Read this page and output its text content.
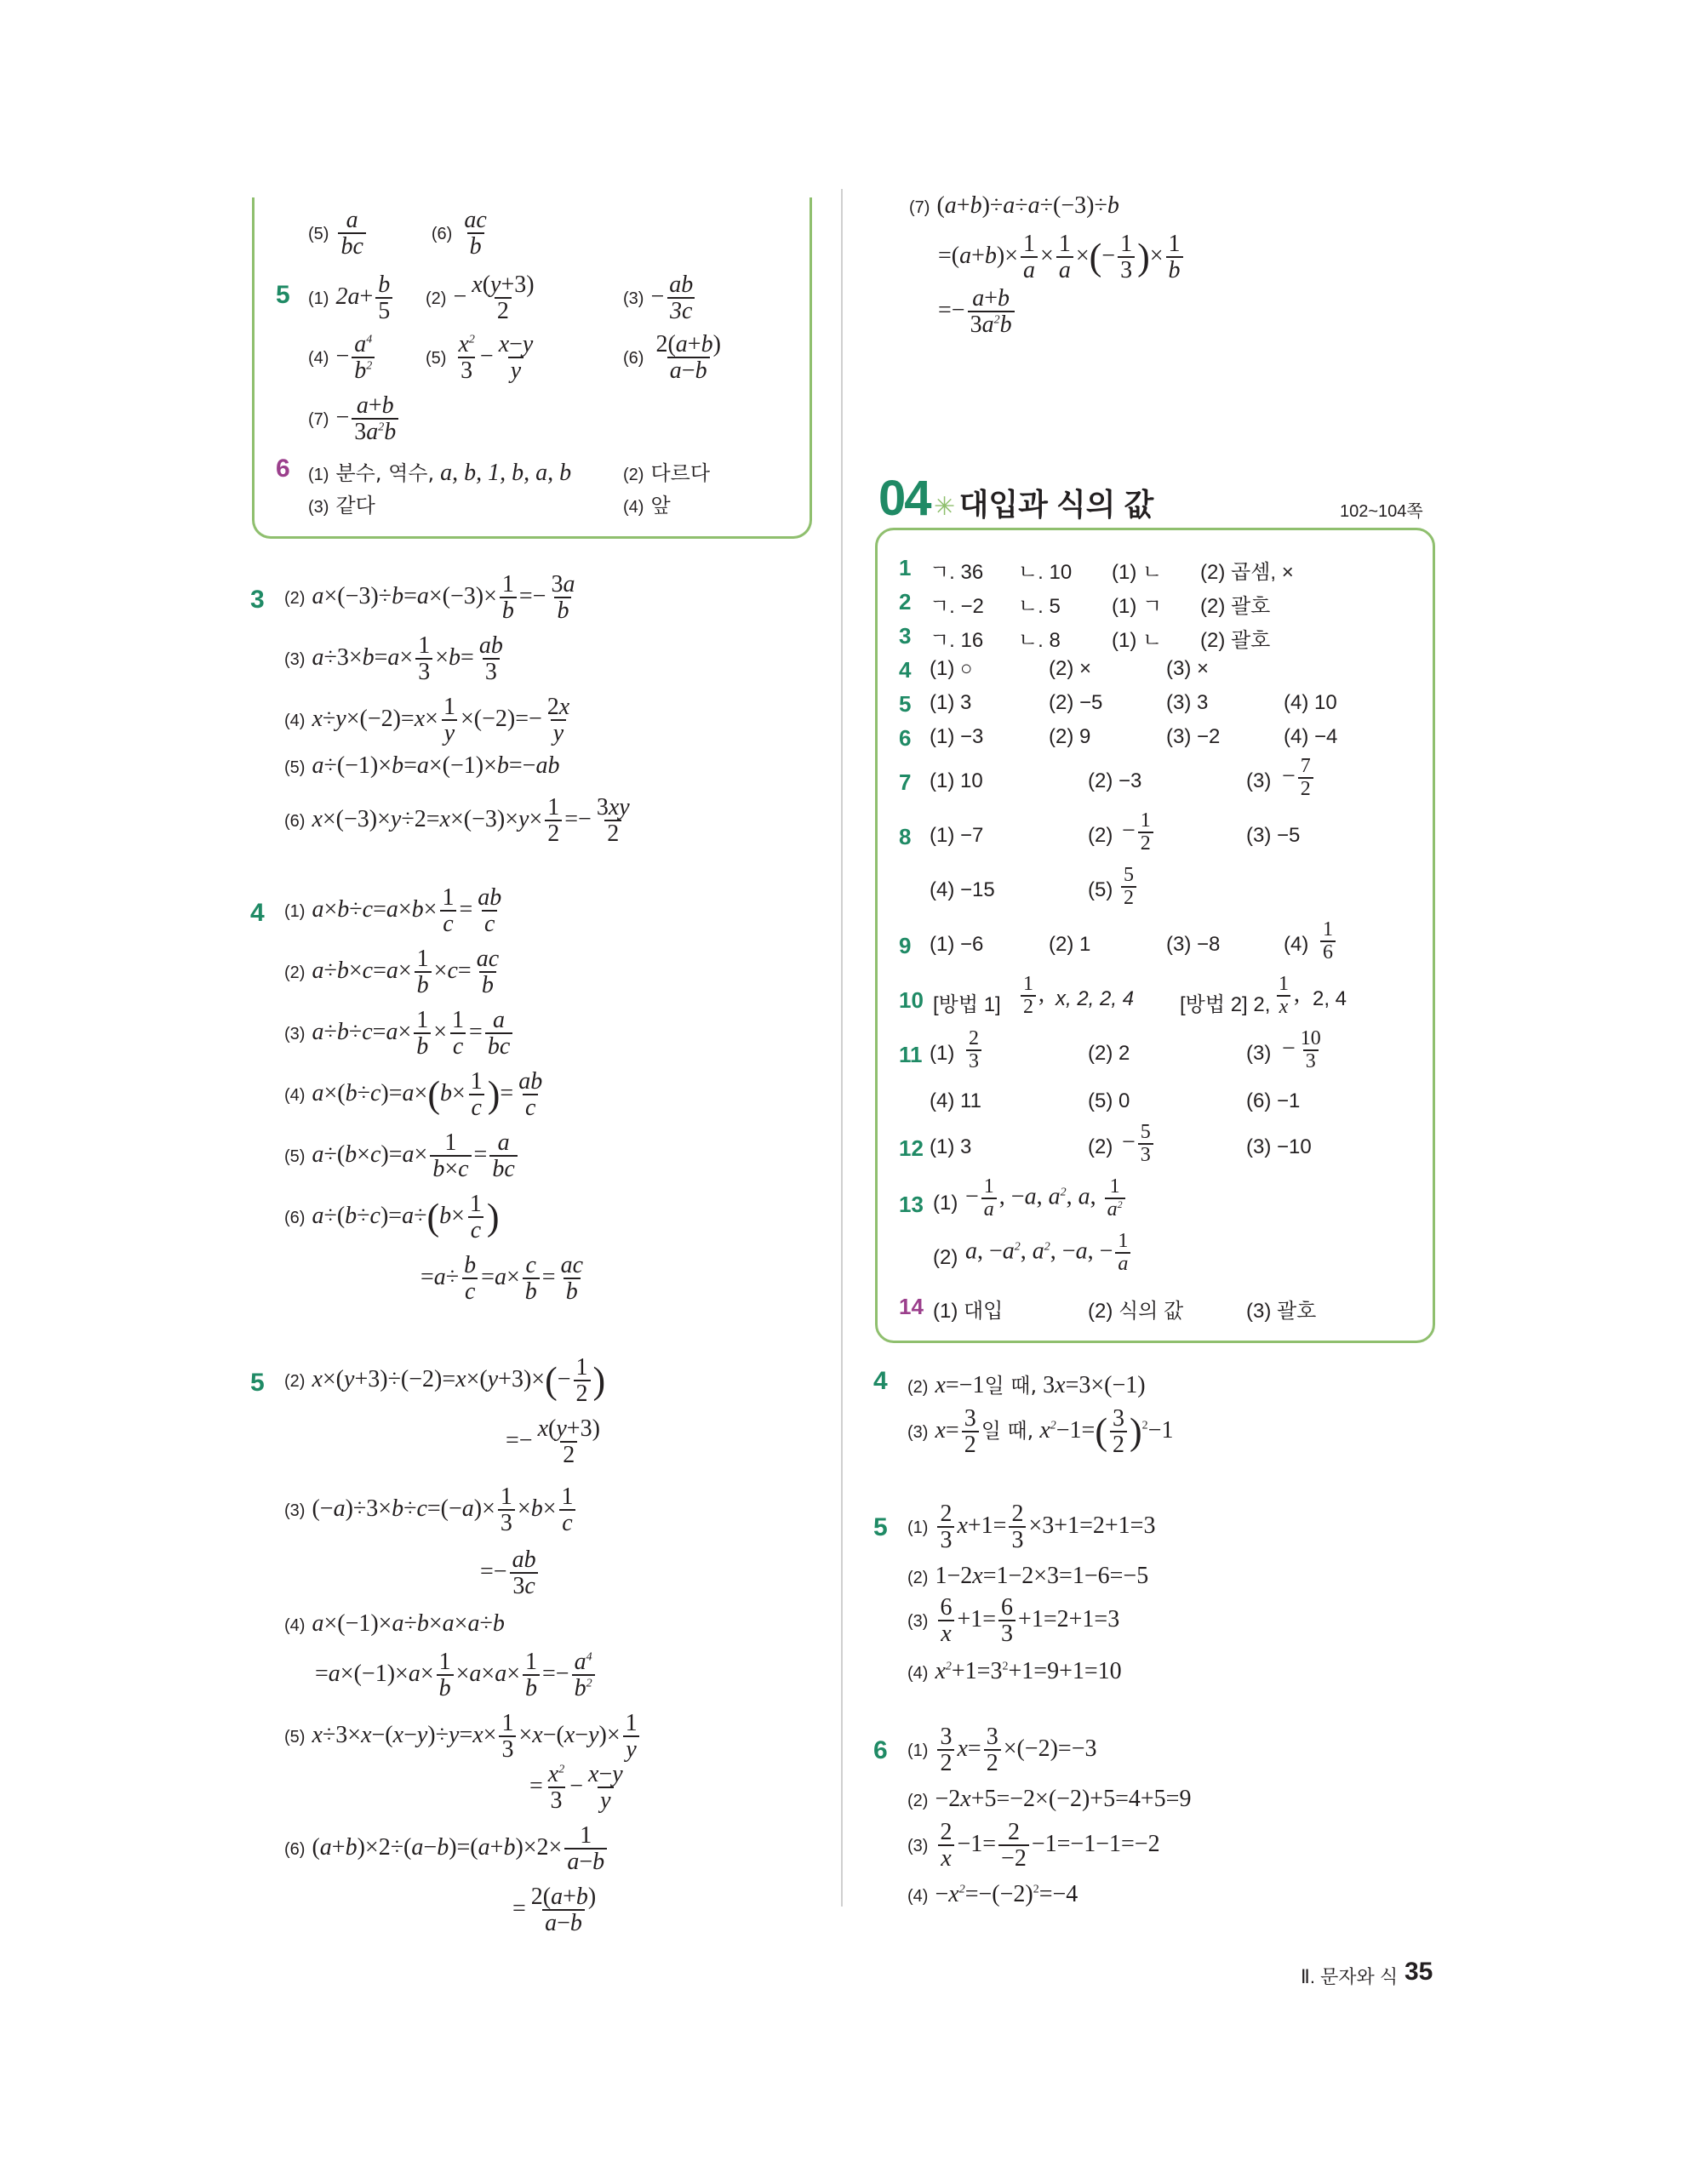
$(5) \frac{a}{bc}$	$(6) \frac{ac}{b}$
5 (1) $2a+ \frac{b}{5} (2) - \frac{x(y+3)}{2}$	$(3) - \frac{ab}{3c}$
$(4) - \frac{a^4}{b^2}$	$(5) \frac{x^2}{3} - \frac{x-y}{y}$	$(6) \frac{2(a+b)}{a-b}$
$(7) - \frac{a+b}{3a^2b}$
6 (1) 분수, 역수, a, b, 1, b, a, b	(2) 다르다
(3) 같다	(4) 앞
3 (2) $a\times(-3)\div b=a\times(-3)\times \frac{1}{b} =- \frac{3a}{b}$
(3) $a\div 3\times b=a\times \frac{1}{3} \times b= \frac{ab}{3}$
(4) $x\div y\times(-2)=x\times \frac{1}{y} \times(-2)=- \frac{2x}{y}$
(5) a÷(−1)×b=a×(−1)×b=−ab
(6) $x\times(-3)\times y\div 2=x\times(-3)\times y\times \frac{1}{2} =- \frac{3xy}{2}$
4 (1) $a\times b\div c=a\times b\times \frac{1}{c} = \frac{ab}{c}$
(2) $a\div b\times c=a\times \frac{1}{b} \times c= \frac{ac}{b}$
(3) $a\div b\div c=a\times \frac{1}{b} \times \frac{1}{c} = \frac{a}{bc}$
(4) $a\times(b\div c)=a\times(b\times \frac{1}{c}$ )= $\frac{ab}{c}$
(5) $a\div(b\times c)=a\times \frac{1}{b\times c} = \frac{a}{bc}$
(6) $a\div(b\div c)=a\div(b\times \frac{1}{c}$ )
$=a\div \frac{b}{c} =a\times \frac{c}{b} = \frac{ac}{b}$
5 (2) $x\times(y+3)\div(-2)=x\times(y+3)\times(- \frac{1}{2}$ )
=− $\frac{x(y+3)}{2}$
(3) $(-a)\div 3\times b\div c=(-a)\times \frac{1}{3} \times b\times \frac{1}{c}$
=− $\frac{ab}{3c}$
(4) a×(−1)×a÷b×a×a÷b
$=a\times(-1)\times a\times \frac{1}{b} \times a\times a\times \frac{1}{b} =- \frac{a^4}{b^2}$
(5) $x\div 3\times x-(x-y)\div y=x\times \frac{1}{3} \times x-(x-y)\times \frac{1}{y}$
= $\frac{x^2}{3} - \frac{x-y}{y}$
(6) $(a+b)\times 2\div(a-b)=(a+b)\times 2\times \frac{1}{a-b}$
= $\frac{2(a+b)}{a-b}$
(7) (a+b)÷a÷a÷(−3)÷b
$=(a+b)\times \frac{1}{a} \times \frac{1}{a}$ ×(− $\frac{1}{3}$ )× $\frac{1}{b}$
=− $\frac{a+b}{3a^2b}$
04 ✳ 대입과 식의 값	102~104쪽
1 ㄱ. 36 ㄴ. 10 (1) ㄴ (2) 곱셈, ×
2 ㄱ. −2 ㄴ. 5	(1) ㄱ (2) 괄호
3 ㄱ. 16 ㄴ. 8	(1) ㄴ (2) 괄호
4 (1) ○	(2) ×	(3) ×
5 (1) 3	(2) −5	(3) 3	(4) 10
6 (1) −3	(2) 9	(3) −2	(4) −4
7 (1) 10	(2) −3	$(3) - \frac{7}{2}$
8 (1) −7	$(2) - \frac{1}{2}$	(3) −5
(4) −15	$(5) \frac{5}{2}$
9 (1) −6	(2) 1	(3) −8	$(4) \frac{1}{6}$
10 [방법 $1] \frac{1}{2}$ , x, 2, 2, 4 [방법 2] 2, $\frac{1}{x}$ , 2, 4
11 $(1) \frac{2}{3}$	(2) 2	$(3) - \frac{10}{3}$
(4) 11	(5) 0	(6) −1
12 (1) 3	$(2) - \frac{5}{3}$	(3) −10
13 $(1) - \frac{1}{a}$ , −a, $a^2$, a, $\frac{1}{a^2}$
(2) a, $-a^2$, $a^2$, −a, − $\frac{1}{a}$
14 (1) 대입	(2) 식의 값	(3) 괄호
4 (2) x=−1일 때, 3x=3×(−1)
(3) $x= \frac{3}{2}$ 일 때, $x^2-1=( \frac{3}{2} )^2-1$
5 $(1) \frac{2}{3} x+1= \frac{2}{3} \times 3+1=2+1=3$
(2) 1−2x=1−2×3=1−6=−5
$(3) \frac{6}{x} +1= \frac{6}{3} +1=2+1=3$
(4) $x^2+1=3^2+1=9+1=10$
6 $(1) \frac{3}{2} x= \frac{3}{2} \times(-2)=-3$
(2) −2x+5=−2×(−2)+5=4+5=9
$(3) \frac{2}{x} -1= \frac{2}{-2} -1=-1-1=-2$
$(4) -x^2=-(-2)^2=-4$
Ⅱ. 문자와 식 35
